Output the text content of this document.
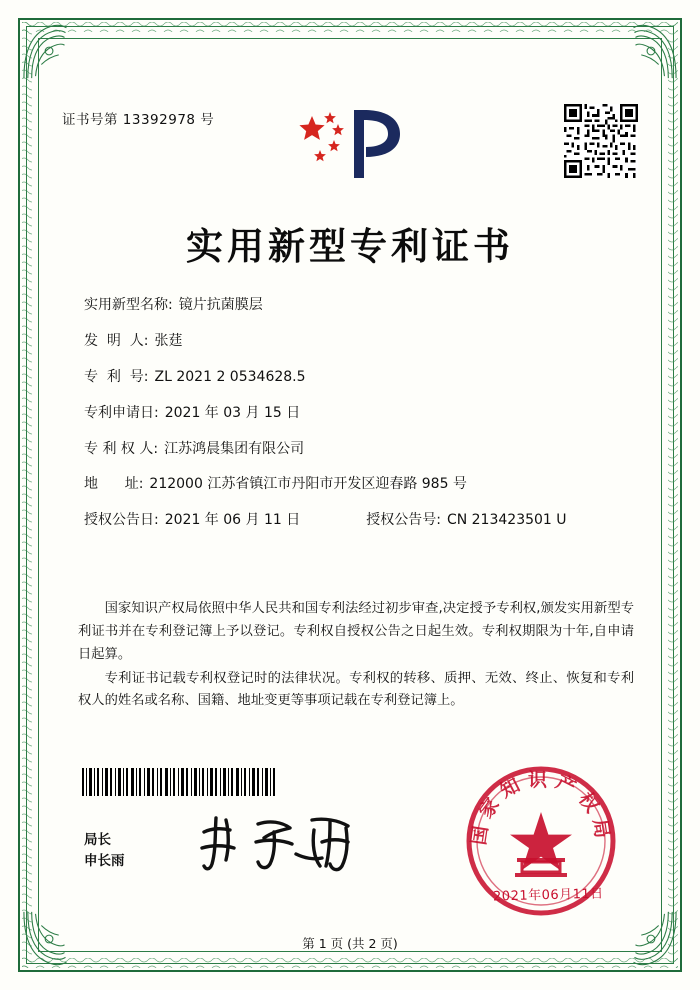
证书号第 13392978 号
实用新型专利证书
实用新型名称: 镜片抗菌膜层
发  明  人: 张莛
专  利  号: ZL 2021 2 0534628.5
专利申请日: 2021 年 03 月 15 日
专 利 权 人: 江苏鸿晨集团有限公司
地      址: 212000 江苏省镇江市丹阳市开发区迎春路 985 号
授权公告日: 2021 年 06 月 11 日	授权公告号: CN 213423501 U

国家知识产权局依照中华人民共和国专利法经过初步审查,决定授予专利权,颁发实用新型专利证书并在专利登记簿上予以登记。专利权自授权公告之日起生效。专利权期限为十年,自申请日起算。

专利证书记载专利权登记时的法律状况。专利权的转移、质押、无效、终止、恢复和专利权人的姓名或名称、国籍、地址变更等事项记载在专利登记簿上。

局长
申长雨
国家知识产权局
2021年06月11日
第 1 页 (共 2 页)
